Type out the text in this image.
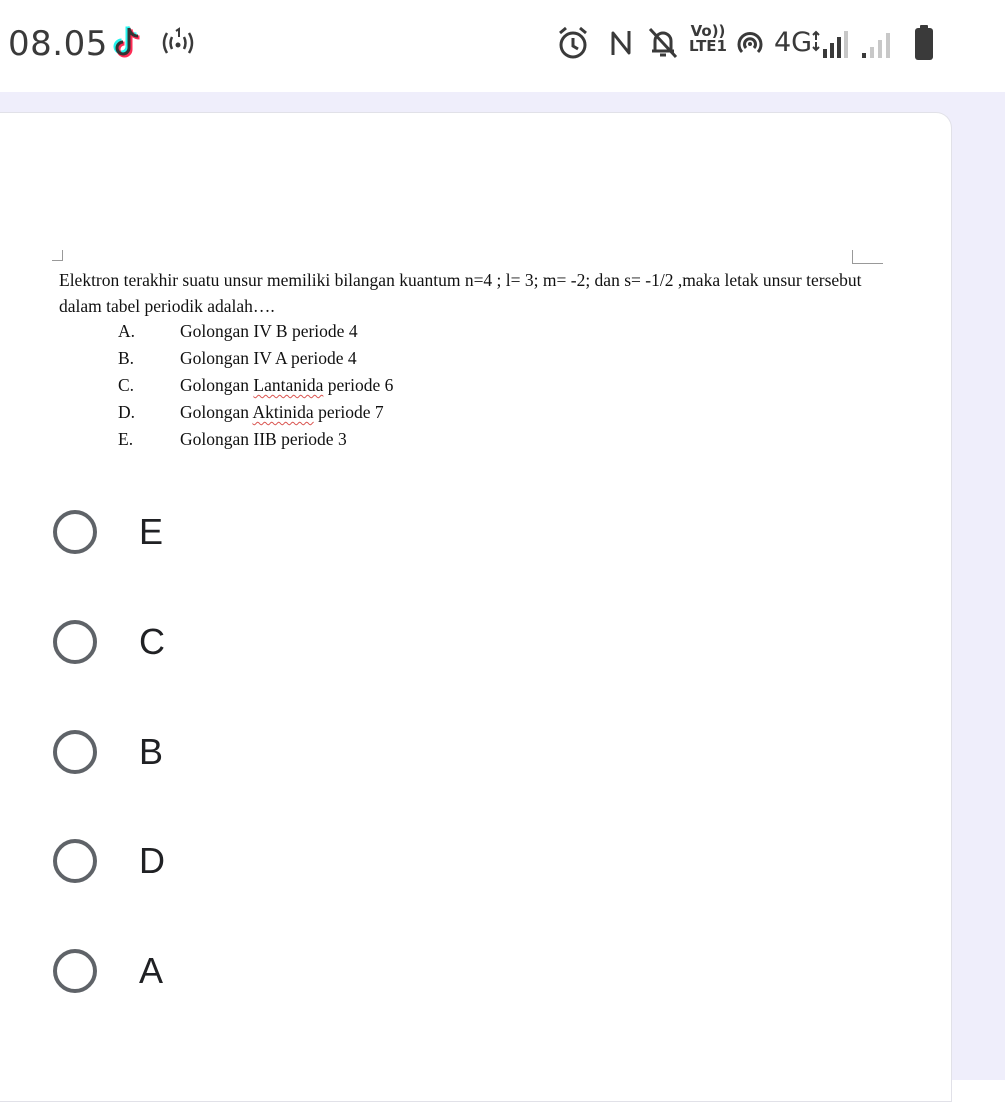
08.05	Vo))
LTE1 4G
Elektron terakhir suatu unsur memiliki bilangan kuantum n=4 ; l= 3; m= -2; dan s= -1/2 ,maka letak unsur tersebut dalam tabel periodik adalah….
A.	Golongan IV B periode 4
B.	Golongan IV A periode 4
C.	Golongan Lantanida periode 6
D.	Golongan Aktinida periode 7
E.	Golongan IIB periode 3
E
C
B
D
A
